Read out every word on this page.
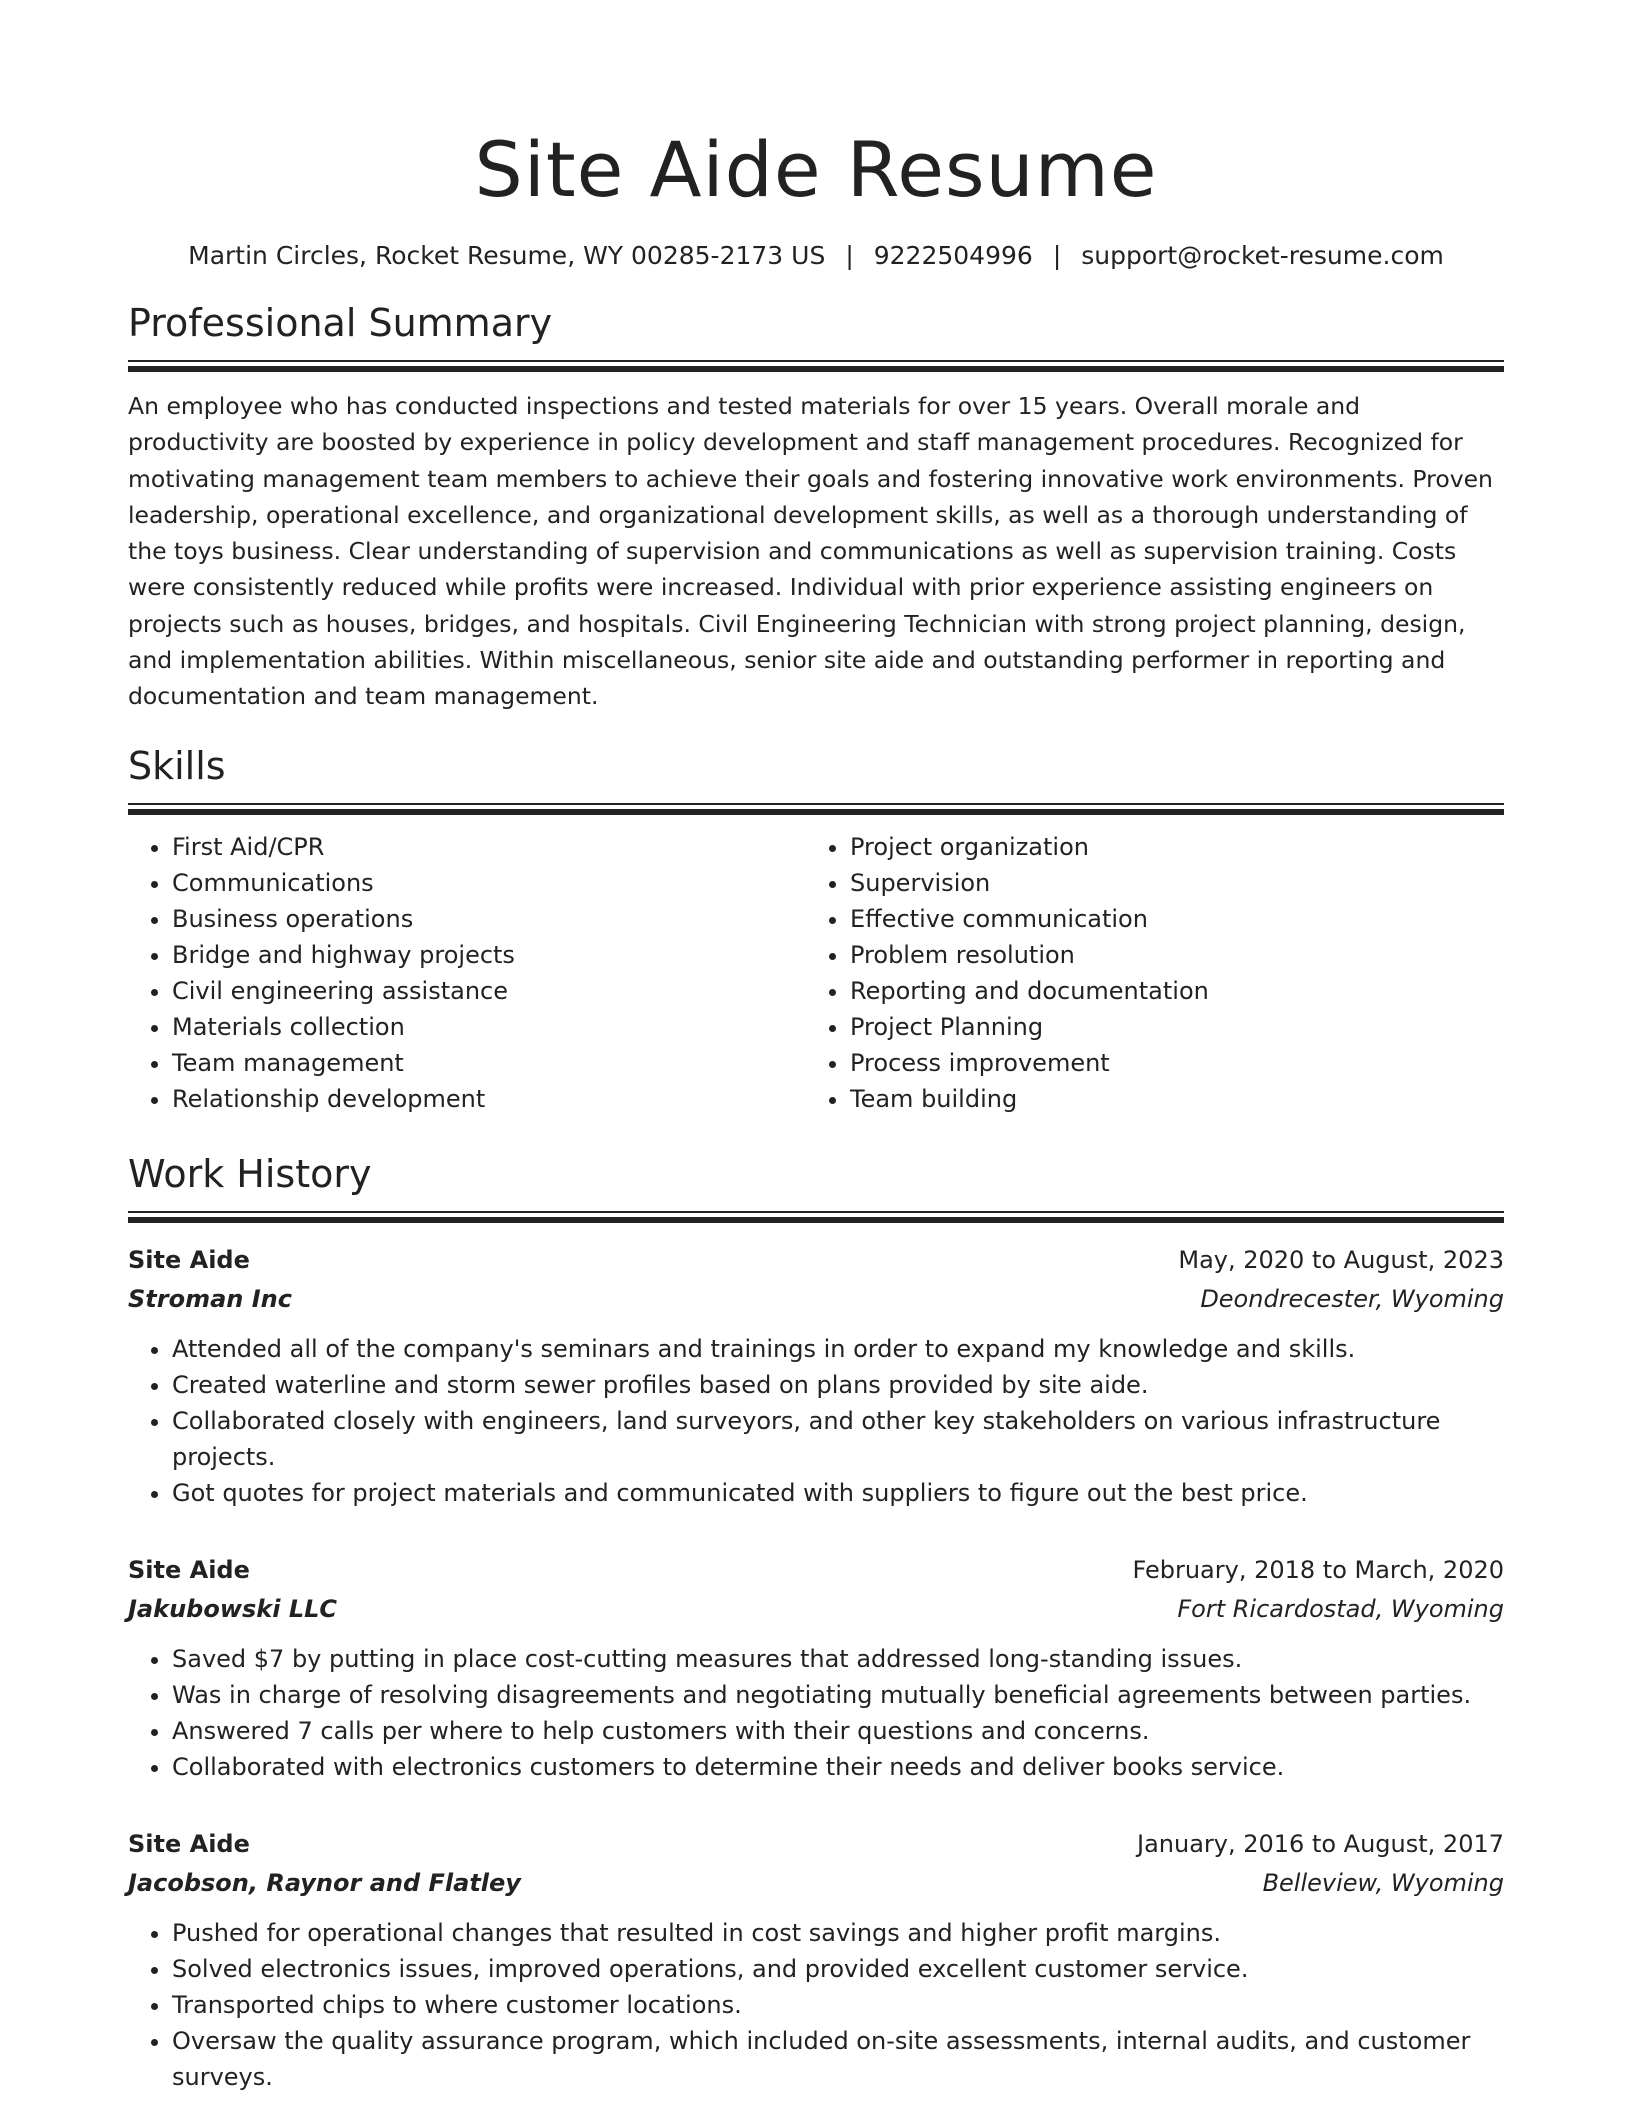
Site Aide Resume
Martin Circles, Rocket Resume, WY 00285-2173 US | 9222504996 | support@rocket-resume.com
Professional Summary

An employee who has conducted inspections and tested materials for over 15 years. Overall morale and productivity are boosted by experience in policy development and staff management procedures. Recognized for motivating management team members to achieve their goals and fostering innovative work environments. Proven leadership, operational excellence, and organizational development skills, as well as a thorough understanding of the toys business. Clear understanding of supervision and communications as well as supervision training. Costs were consistently reduced while profits were increased. Individual with prior experience assisting engineers on projects such as houses, bridges, and hospitals. Civil Engineering Technician with strong project planning, design, and implementation abilities. Within miscellaneous, senior site aide and outstanding performer in reporting and documentation and team management.

Skills
• First Aid/CPR
• Communications
• Business operations
• Bridge and highway projects
• Civil engineering assistance
• Materials collection
• Team management
• Relationship development
• Project organization
• Supervision
• Effective communication
• Problem resolution
• Reporting and documentation
• Project Planning
• Process improvement
• Team building
Work History
Site Aide	May, 2020 to August, 2023
Stroman Inc	Deondrecester, Wyoming
• Attended all of the company's seminars and trainings in order to expand my knowledge and skills.
• Created waterline and storm sewer profiles based on plans provided by site aide.
• Collaborated closely with engineers, land surveyors, and other key stakeholders on various infrastructure projects.
• Got quotes for project materials and communicated with suppliers to figure out the best price.
Site Aide	February, 2018 to March, 2020
Jakubowski LLC	Fort Ricardostad, Wyoming
• Saved $7 by putting in place cost-cutting measures that addressed long-standing issues.
• Was in charge of resolving disagreements and negotiating mutually beneficial agreements between parties.
• Answered 7 calls per where to help customers with their questions and concerns.
• Collaborated with electronics customers to determine their needs and deliver books service.
Site Aide	January, 2016 to August, 2017
Jacobson, Raynor and Flatley	Belleview, Wyoming
• Pushed for operational changes that resulted in cost savings and higher profit margins.
• Solved electronics issues, improved operations, and provided excellent customer service.
• Transported chips to where customer locations.
• Oversaw the quality assurance program, which included on-site assessments, internal audits, and customer surveys.
